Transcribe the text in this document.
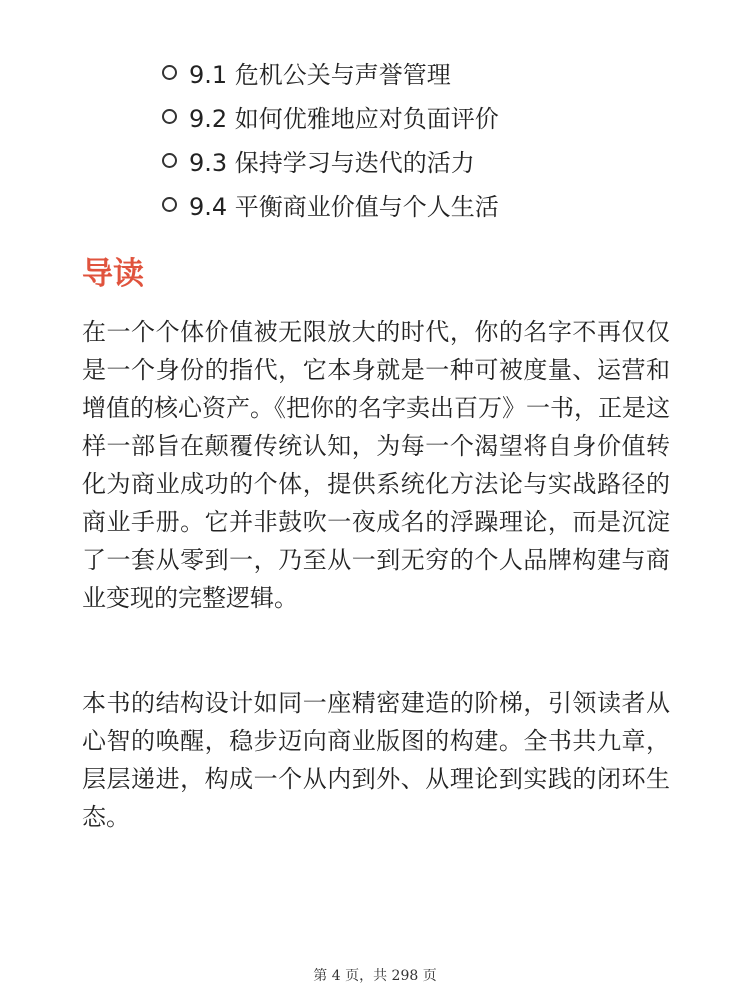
9.1 危机公关与声誉管理
9.2 如何优雅地应对负面评价
9.3 保持学习与迭代的活力
9.4 平衡商业价值与个人生活
导读

在一个个体价值被无限放大的时代，你的名字不再仅仅是一个身份的指代，它本身就是一种可被度量、运营和增值的核心资产。《把你的名字卖出百万》一书，正是这样一部旨在颠覆传统认知，为每一个渴望将自身价值转化为商业成功的个体，提供系统化方法论与实战路径的商业手册。它并非鼓吹一夜成名的浮躁理论，而是沉淀了一套从零到一，乃至从一到无穷的个人品牌构建与商业变现的完整逻辑。

本书的结构设计如同一座精密建造的阶梯，引领读者从心智的唤醒，稳步迈向商业版图的构建。全书共九章，层层递进，构成一个从内到外、从理论到实践的闭环生态。

第 4 页，共 298 页
